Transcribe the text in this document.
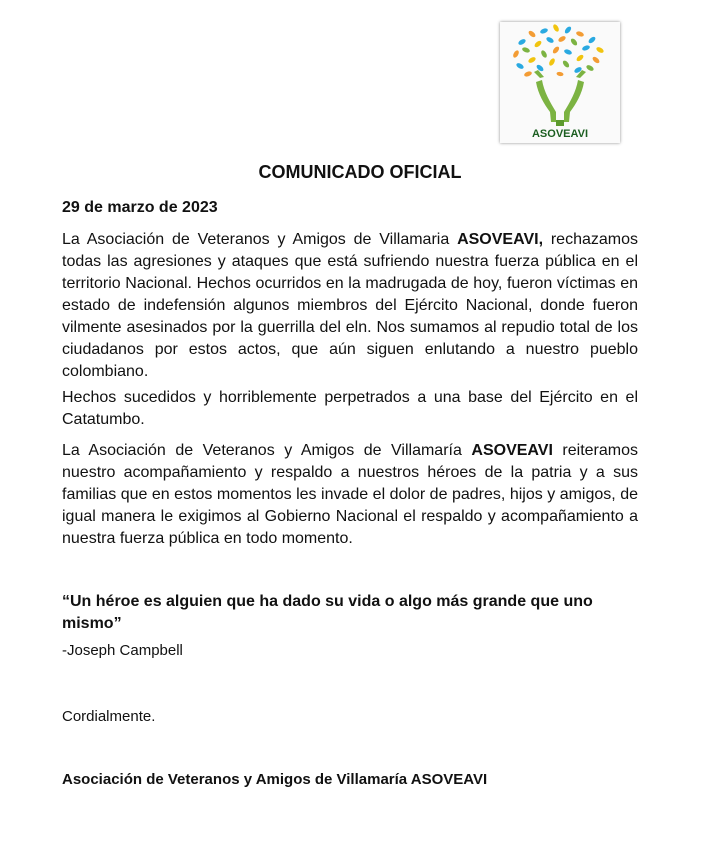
ASOVEAVI
COMUNICADO OFICIAL

29 de marzo de 2023

La Asociación de Veteranos y Amigos de Villamaria ASOVEAVI, rechazamos todas las agresiones y ataques que está sufriendo nuestra fuerza pública en el territorio Nacional. Hechos ocurridos en la madrugada de hoy, fueron víctimas en estado de indefensión algunos miembros del Ejército Nacional, donde fueron vilmente asesinados por la guerrilla del eln. Nos sumamos al repudio total de los ciudadanos por estos actos, que aún siguen enlutando a nuestro pueblo colombiano.

Hechos sucedidos y horriblemente perpetrados a una base del Ejército en el Catatumbo.

La Asociación de Veteranos y Amigos de Villamaría ASOVEAVI reiteramos nuestro acompañamiento y respaldo a nuestros héroes de la patria y a sus familias que en estos momentos les invade el dolor de padres, hijos y amigos, de igual manera le exigimos al Gobierno Nacional el respaldo y acompañamiento a nuestra fuerza pública en todo momento.

“Un héroe es alguien que ha dado su vida o algo más grande que uno mismo”

-Joseph Campbell

Cordialmente.

Asociación de Veteranos y Amigos de Villamaría ASOVEAVI
